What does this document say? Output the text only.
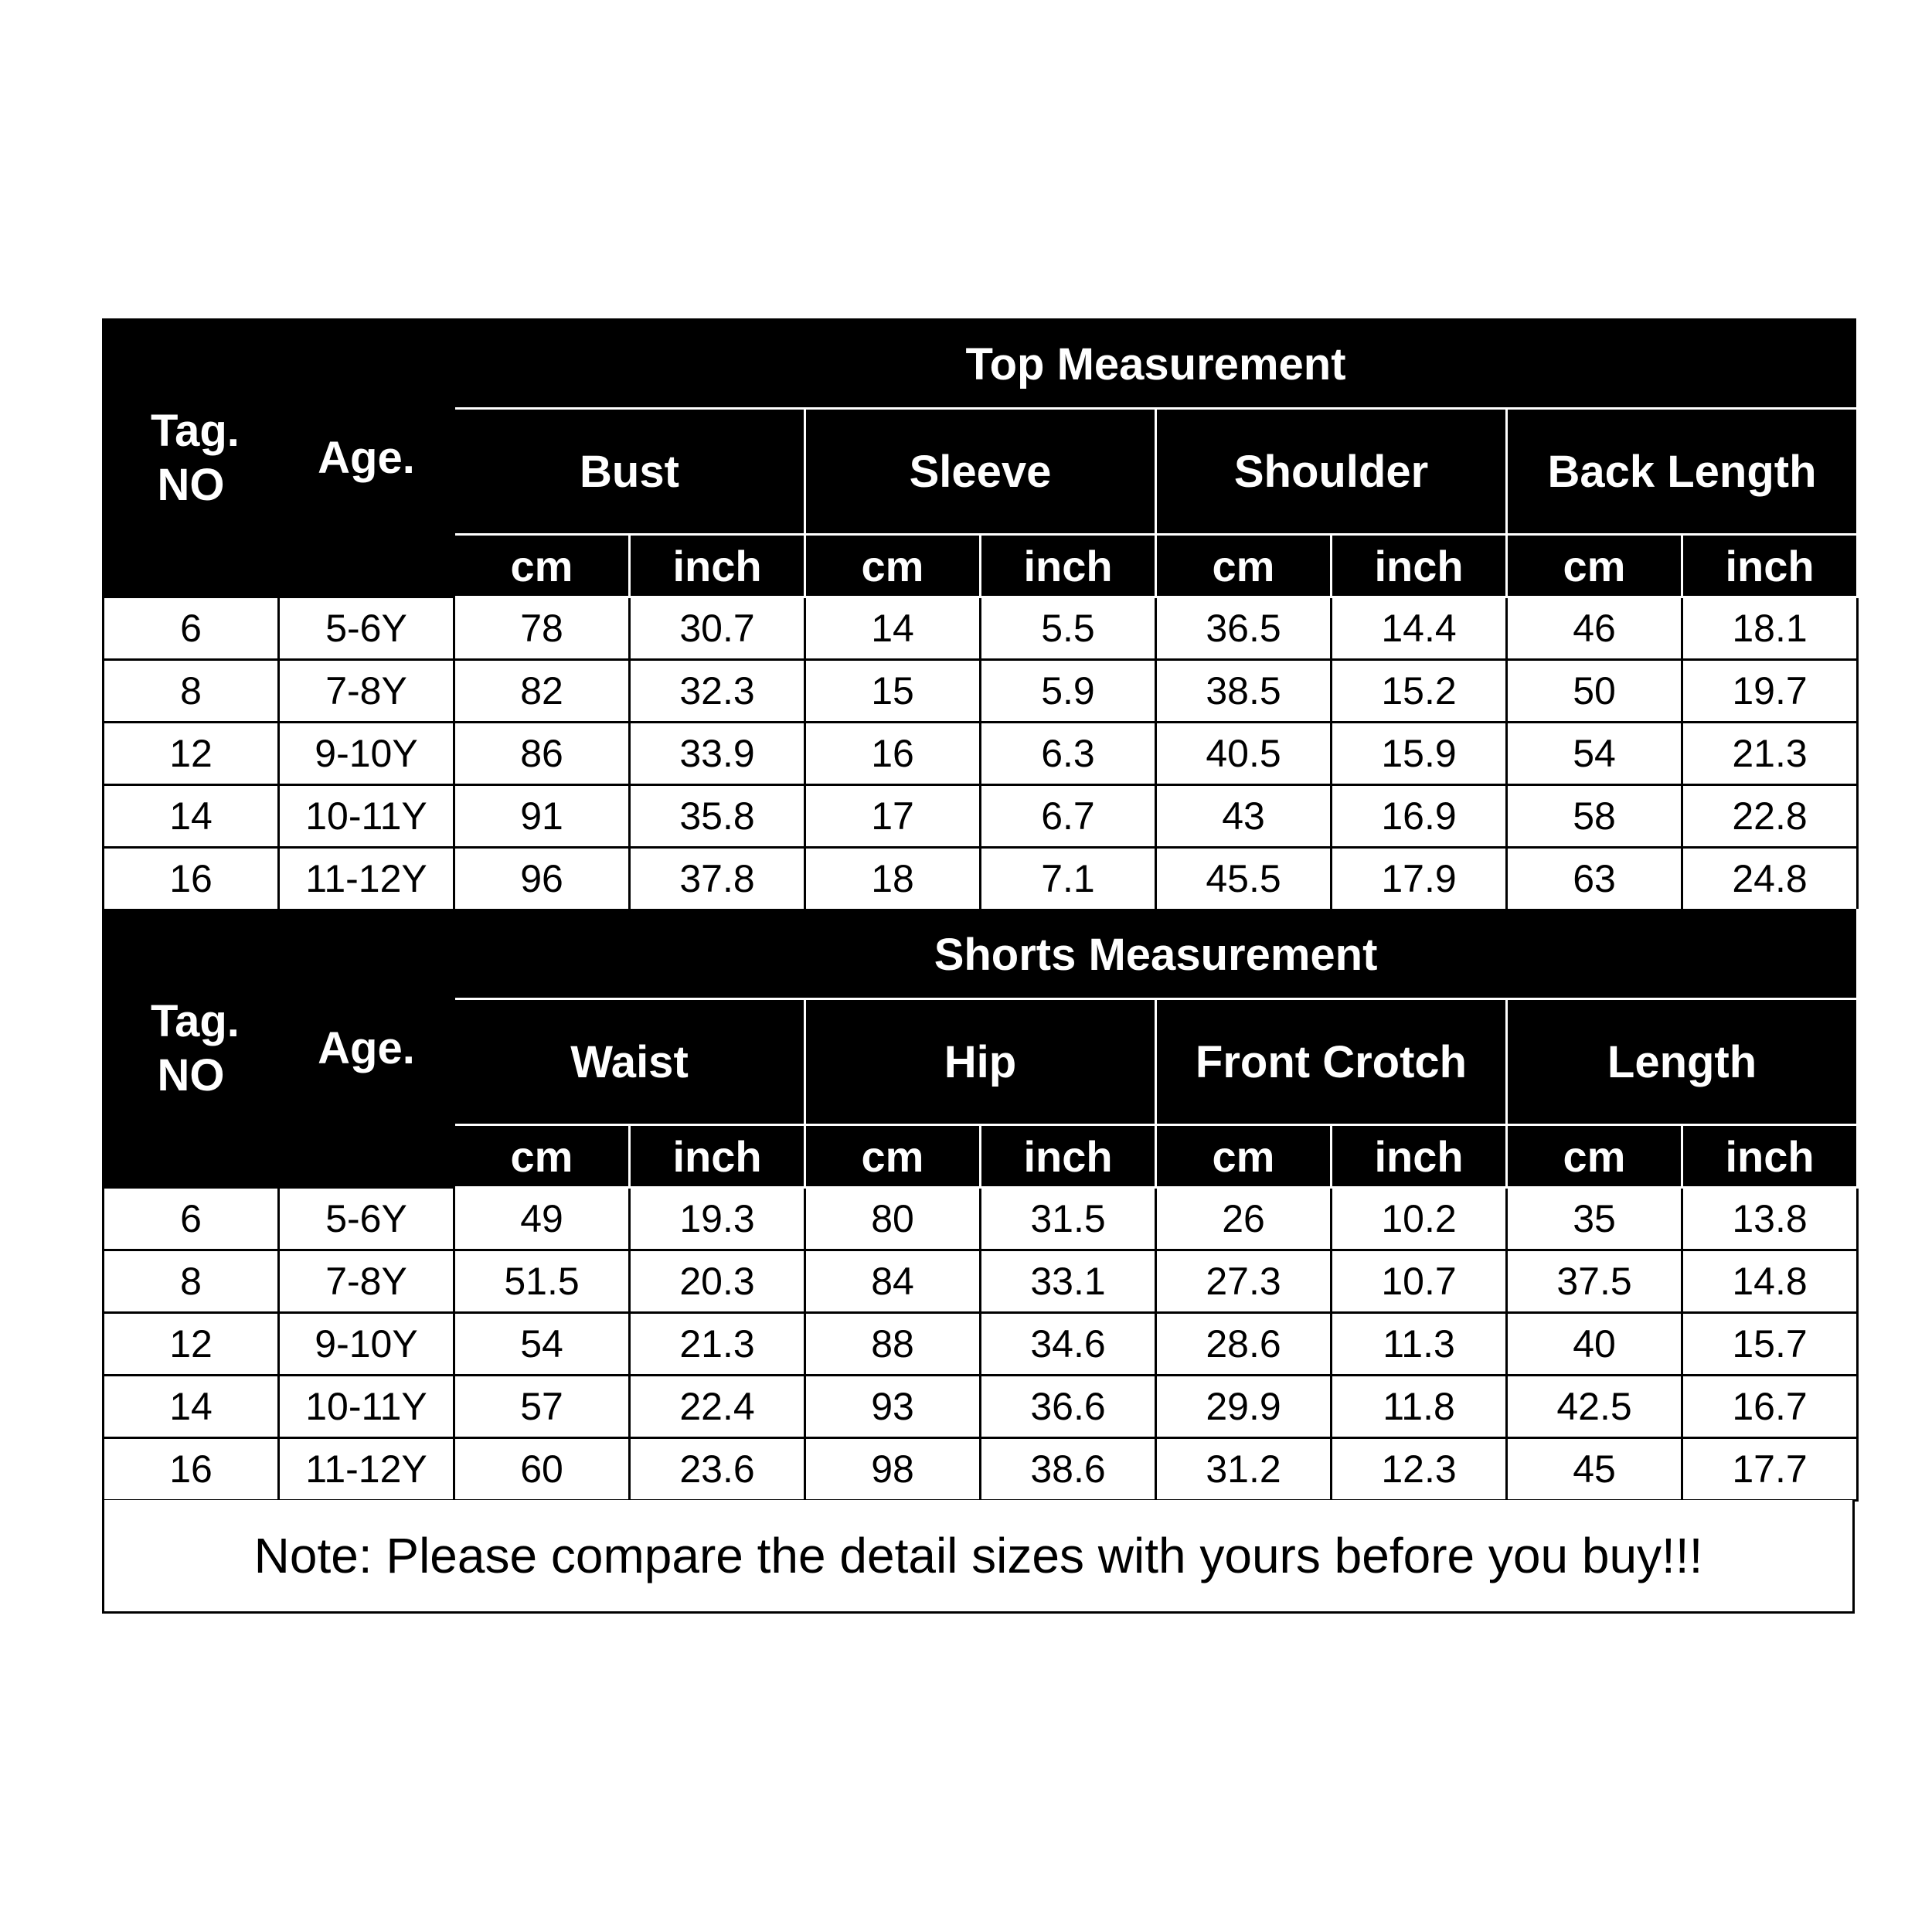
Tag. NO	Age.	Top Measurement							
		Bust		Sleeve		Shoulder		Back Length	
		cm	inch	cm	inch	cm	inch	cm	inch
6	5-6Y	78	30.7	14	5.5	36.5	14.4	46	18.1
8	7-8Y	82	32.3	15	5.9	38.5	15.2	50	19.7
12	9-10Y	86	33.9	16	6.3	40.5	15.9	54	21.3
14	10-11Y	91	35.8	17	6.7	43	16.9	58	22.8
16	11-12Y	96	37.8	18	7.1	45.5	17.9	63	24.8
Tag. NO	Age.	Shorts Measurement							
		Waist		Hip		Front Crotch		Length	
		cm	inch	cm	inch	cm	inch	cm	inch
6	5-6Y	49	19.3	80	31.5	26	10.2	35	13.8
8	7-8Y	51.5	20.3	84	33.1	27.3	10.7	37.5	14.8
12	9-10Y	54	21.3	88	34.6	28.6	11.3	40	15.7
14	10-11Y	57	22.4	93	36.6	29.9	11.8	42.5	16.7
16	11-12Y	60	23.6	98	38.6	31.2	12.3	45	17.7
Note: Please compare the detail sizes with yours before you buy!!!
